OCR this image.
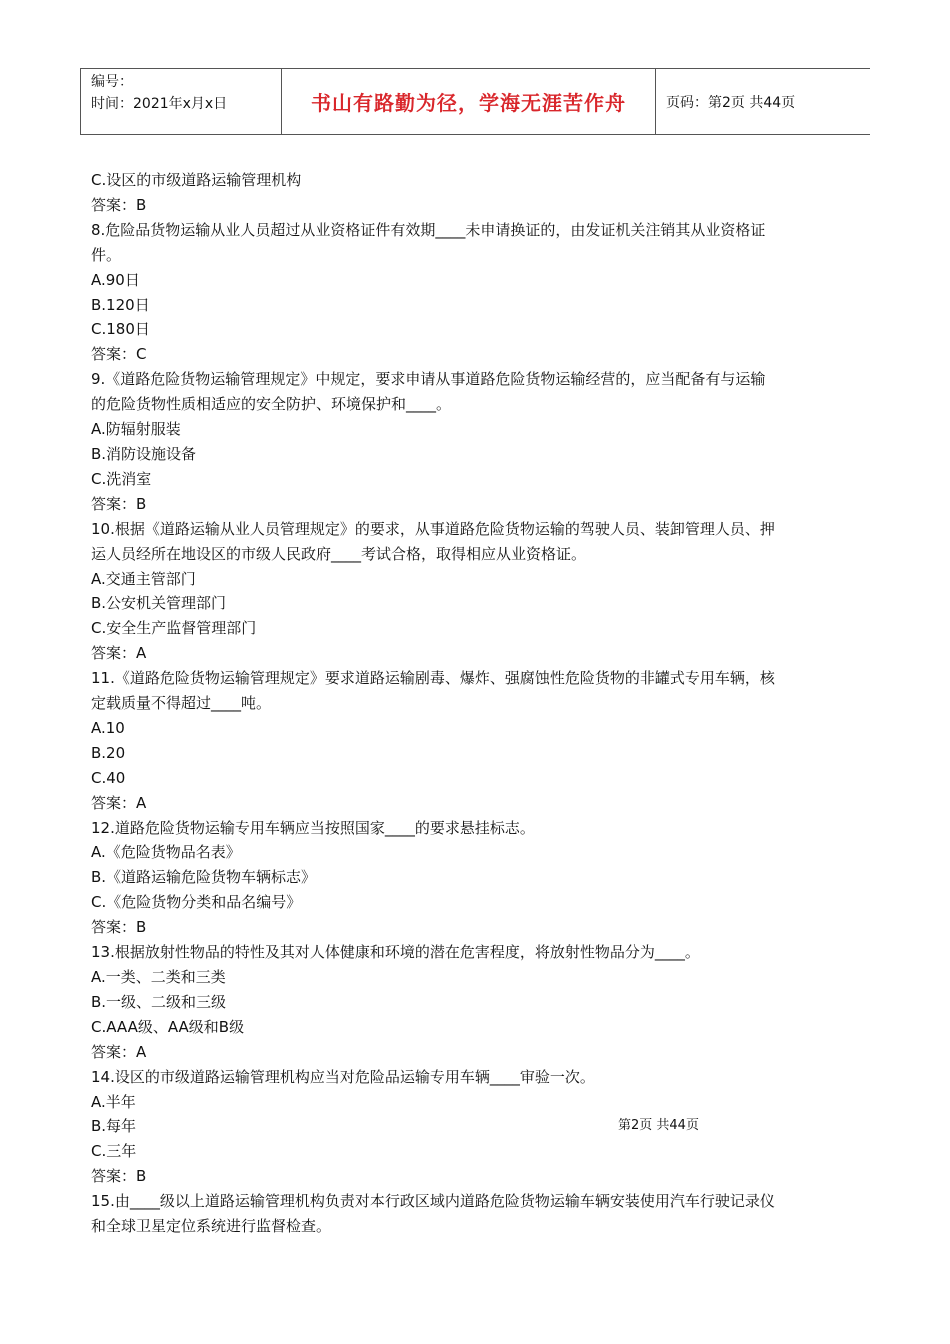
编号：
时间：2021年x月x日	书山有路勤为径，学海无涯苦作舟	页码：第2页 共44页
C.设区的市级道路运输管理机构
答案：B
8.危险品货物运输从业人员超过从业资格证件有效期____未申请换证的，由发证机关注销其从业资格证
件。
A.90日
B.120日
C.180日
答案：C
9.《道路危险货物运输管理规定》中规定，要求申请从事道路危险货物运输经营的，应当配备有与运输
的危险货物性质相适应的安全防护、环境保护和____。
A.防辐射服装
B.消防设施设备
C.洗消室
答案：B
10.根据《道路运输从业人员管理规定》的要求，从事道路危险货物运输的驾驶人员、装卸管理人员、押
运人员经所在地设区的市级人民政府____考试合格，取得相应从业资格证。
A.交通主管部门
B.公安机关管理部门
C.安全生产监督管理部门
答案：A
11.《道路危险货物运输管理规定》要求道路运输剧毒、爆炸、强腐蚀性危险货物的非罐式专用车辆，核
定载质量不得超过____吨。
A.10
B.20
C.40
答案：A
12.道路危险货物运输专用车辆应当按照国家____的要求悬挂标志。
A.《危险货物品名表》
B.《道路运输危险货物车辆标志》
C.《危险货物分类和品名编号》
答案：B
13.根据放射性物品的特性及其对人体健康和环境的潜在危害程度，将放射性物品分为____。
A.一类、二类和三类
B.一级、二级和三级
C.AAA级、AA级和B级
答案：A
14.设区的市级道路运输管理机构应当对危险品运输专用车辆____审验一次。
A.半年
B.每年
C.三年
答案：B
15.由____级以上道路运输管理机构负责对本行政区域内道路危险货物运输车辆安装使用汽车行驶记录仪
和全球卫星定位系统进行监督检查。
第2页 共44页
